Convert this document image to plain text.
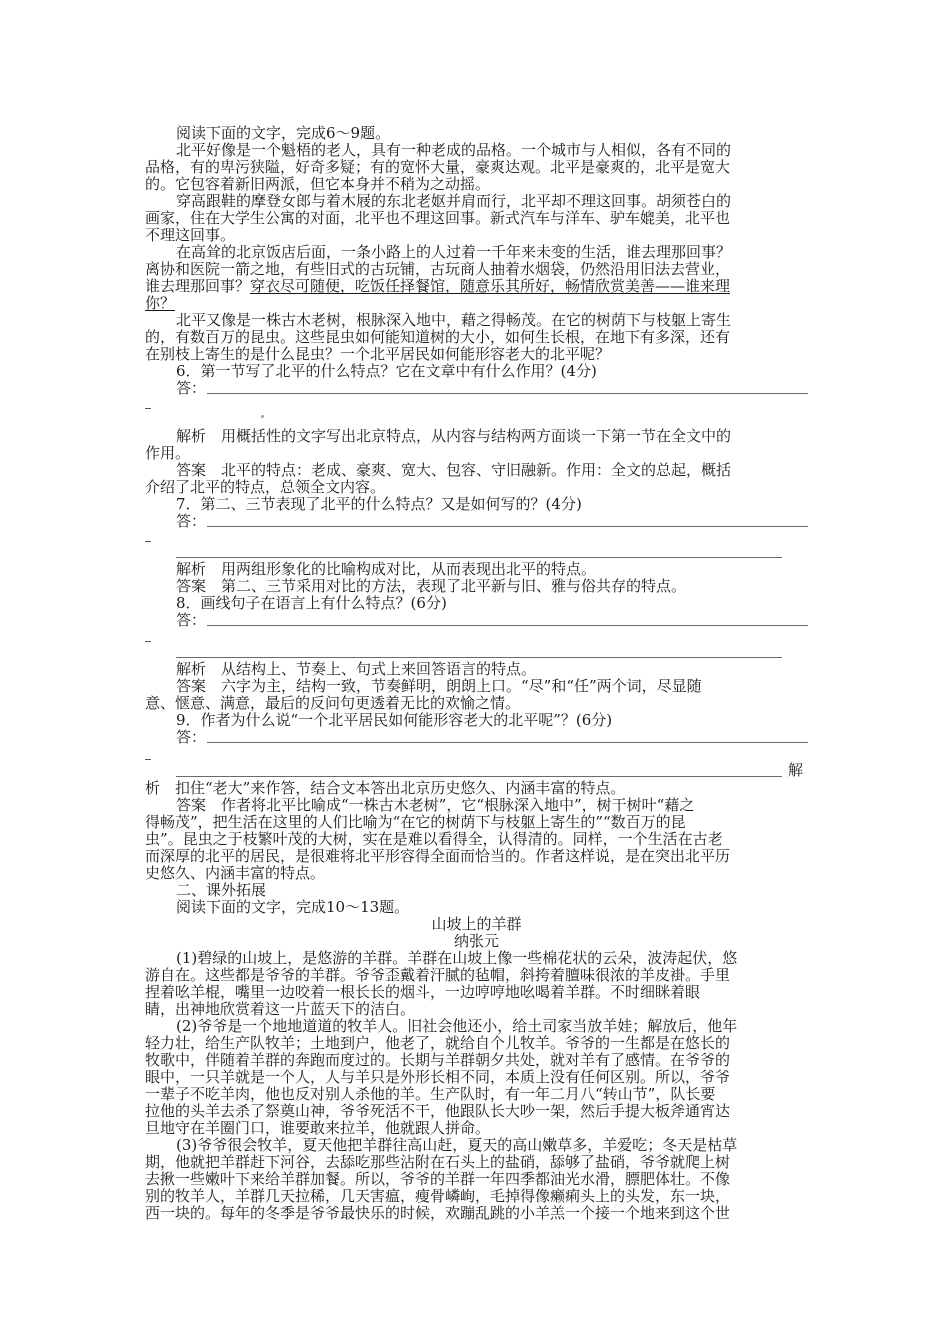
阅读下面的文字，完成6～9题。
北平好像是一个魁梧的老人，具有一种老成的品格。一个城市与人相似，各有不同的
品格，有的卑污狭隘，好奇多疑；有的宽怀大量，豪爽达观。北平是豪爽的，北平是宽大
的。它包容着新旧两派，但它本身并不稍为之动摇。
穿高跟鞋的摩登女郎与着木屐的东北老妪并肩而行，北平却不理这回事。胡须苍白的
画家，住在大学生公寓的对面，北平也不理这回事。新式汽车与洋车、驴车媲美，北平也
不理这回事。
在高耸的北京饭店后面，一条小路上的人过着一千年来未变的生活，谁去理那回事？
离协和医院一箭之地，有些旧式的古玩铺，古玩商人抽着水烟袋，仍然沿用旧法去营业，
谁去理那回事？穿衣尽可随便，吃饭任择餐馆，随意乐其所好，畅情欣赏美善——谁来理
你？
北平又像是一株古木老树，根脉深入地中，藉之得畅茂。在它的树荫下与枝躯上寄生
的，有数百万的昆虫。这些昆虫如何能知道树的大小，如何生长根，在地下有多深，还有
在别枝上寄生的是什么昆虫？一个北平居民如何能形容老大的北平呢？
6．第一节写了北平的什么特点？它在文章中有什么作用？(4分)
答：
解析　用概括性的文字写出北京特点，从内容与结构两方面谈一下第一节在全文中的
作用。
答案　北平的特点：老成、豪爽、宽大、包容、守旧融新。作用：全文的总起，概括
介绍了北平的特点，总领全文内容。
7．第二、三节表现了北平的什么特点？又是如何写的？(4分)
答：
解析　用两组形象化的比喻构成对比，从而表现出北平的特点。
答案　第二、三节采用对比的方法，表现了北平新与旧、雅与俗共存的特点。
8．画线句子在语言上有什么特点？(6分)
答：
解析　从结构上、节奏上、句式上来回答语言的特点。
答案　六字为主，结构一致，节奏鲜明，朗朗上口。“尽”和“任”两个词，尽显随
意、惬意、满意，最后的反问句更透着无比的欢愉之情。
9．作者为什么说“一个北平居民如何能形容老大的北平呢”？(6分)
答：
解
析　扣住“老大”来作答，结合文本答出北京历史悠久、内涵丰富的特点。
答案　作者将北平比喻成“一株古木老树”，它“根脉深入地中”，树干树叶“藉之
得畅茂”，把生活在这里的人们比喻为“在它的树荫下与枝躯上寄生的”“数百万的昆
虫”。昆虫之于枝繁叶茂的大树，实在是难以看得全，认得清的。同样，一个生活在古老
而深厚的北平的居民，是很难将北平形容得全面而恰当的。作者这样说，是在突出北平历
史悠久、内涵丰富的特点。
二、课外拓展
阅读下面的文字，完成10～13题。
山坡上的羊群
纳张元
(1)碧绿的山坡上，是悠游的羊群。羊群在山坡上像一些棉花状的云朵，波涛起伏，悠
游自在。这些都是爷爷的羊群。爷爷歪戴着汗腻的毡帽，斜挎着膻味很浓的羊皮褂。手里
捏着吆羊棍，嘴里一边咬着一根长长的烟斗，一边哼哼地吆喝着羊群。不时细眯着眼
睛，出神地欣赏着这一片蓝天下的洁白。
(2)爷爷是一个地地道道的牧羊人。旧社会他还小，给土司家当放羊娃；解放后，他年
轻力壮，给生产队牧羊；土地到户，他老了，就给自个儿牧羊。爷爷的一生都是在悠长的
牧歌中，伴随着羊群的奔跑而度过的。长期与羊群朝夕共处，就对羊有了感情。在爷爷的
眼中，一只羊就是一个人，人与羊只是外形长相不同，本质上没有任何区别。所以，爷爷
一辈子不吃羊肉，他也反对别人杀他的羊。生产队时，有一年二月八“转山节”，队长要
拉他的头羊去杀了祭奠山神，爷爷死活不干，他跟队长大吵一架，然后手提大板斧通宵达
旦地守在羊圈门口，谁要敢来拉羊，他就跟人拼命。
(3)爷爷很会牧羊，夏天他把羊群往高山赶，夏天的高山嫩草多，羊爱吃；冬天是枯草
期，他就把羊群赶下河谷，去舔吃那些沾附在石头上的盐硝，舔够了盐硝，爷爷就爬上树
去揪一些嫩叶下来给羊群加餐。所以，爷爷的羊群一年四季都油光水滑，膘肥体壮。不像
别的牧羊人，羊群几天拉稀，几天害瘟，瘦骨嶙峋，毛掉得像癞痢头上的头发，东一块，
西一块的。每年的冬季是爷爷最快乐的时候，欢蹦乱跳的小羊羔一个接一个地来到这个世
